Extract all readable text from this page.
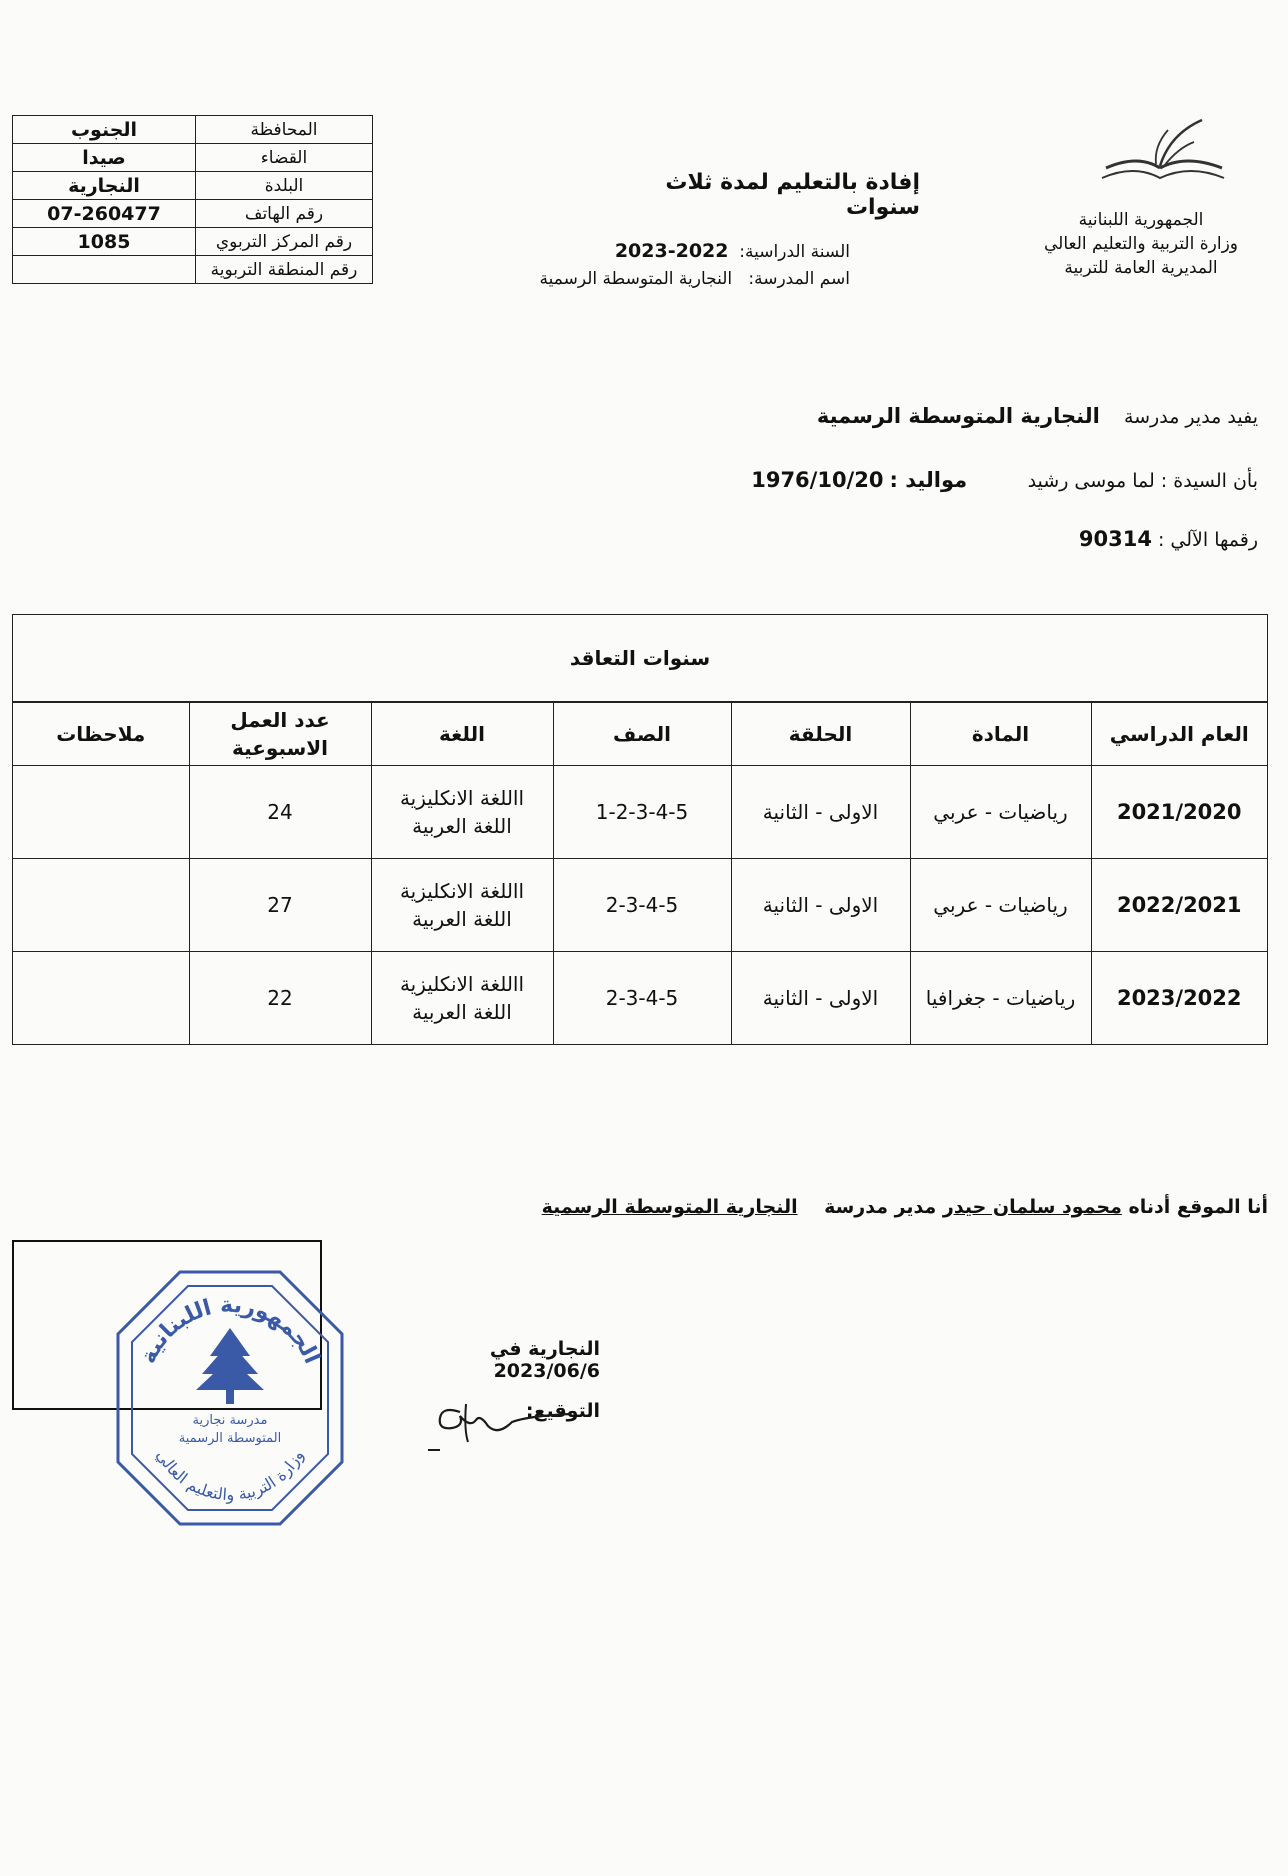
المحافظة	الجنوب
القضاء	صيدا
البلدة	النجارية
رقم الهاتف	07-260477
رقم المركز التربوي	1085
رقم المنطقة التربوية	
الجمهورية اللبنانية
وزارة التربية والتعليم العالي
المديرية العامة للتربية
إفادة بالتعليم لمدة ثلاث سنوات
السنة الدراسية:  2022-2023
اسم المدرسة:   النجارية المتوسطة الرسمية
يفيد مدير مدرسة    النجارية المتوسطة الرسمية
بأن السيدة : لما موسى رشيد          مواليد : 1976/10/20
رقمها الآلي : 90314
سنوات التعاقد
العام الدراسي	المادة	الحلقة	الصف	اللغة	عدد العمل الاسبوعية	ملاحظات
2021/2020	رياضيات - عربي	الاولى - الثانية	1-2-3-4-5	االلغة الانكليزية
اللغة العربية	24	
2022/2021	رياضيات - عربي	الاولى - الثانية	2-3-4-5	االلغة الانكليزية
اللغة العربية	27	
2023/2022	رياضيات - جغرافيا	الاولى - الثانية	2-3-4-5	االلغة الانكليزية
اللغة العربية	22	
أنا الموقع أدناه محمود سلمان حيدر مدير مدرسة    النجارية المتوسطة الرسمية
الجمهورية اللبنانية
وزارة التربية والتعليم العالي
مدرسة نجارية
المتوسطة الرسمية
النجارية في 2023/06/6
التوقيع:
